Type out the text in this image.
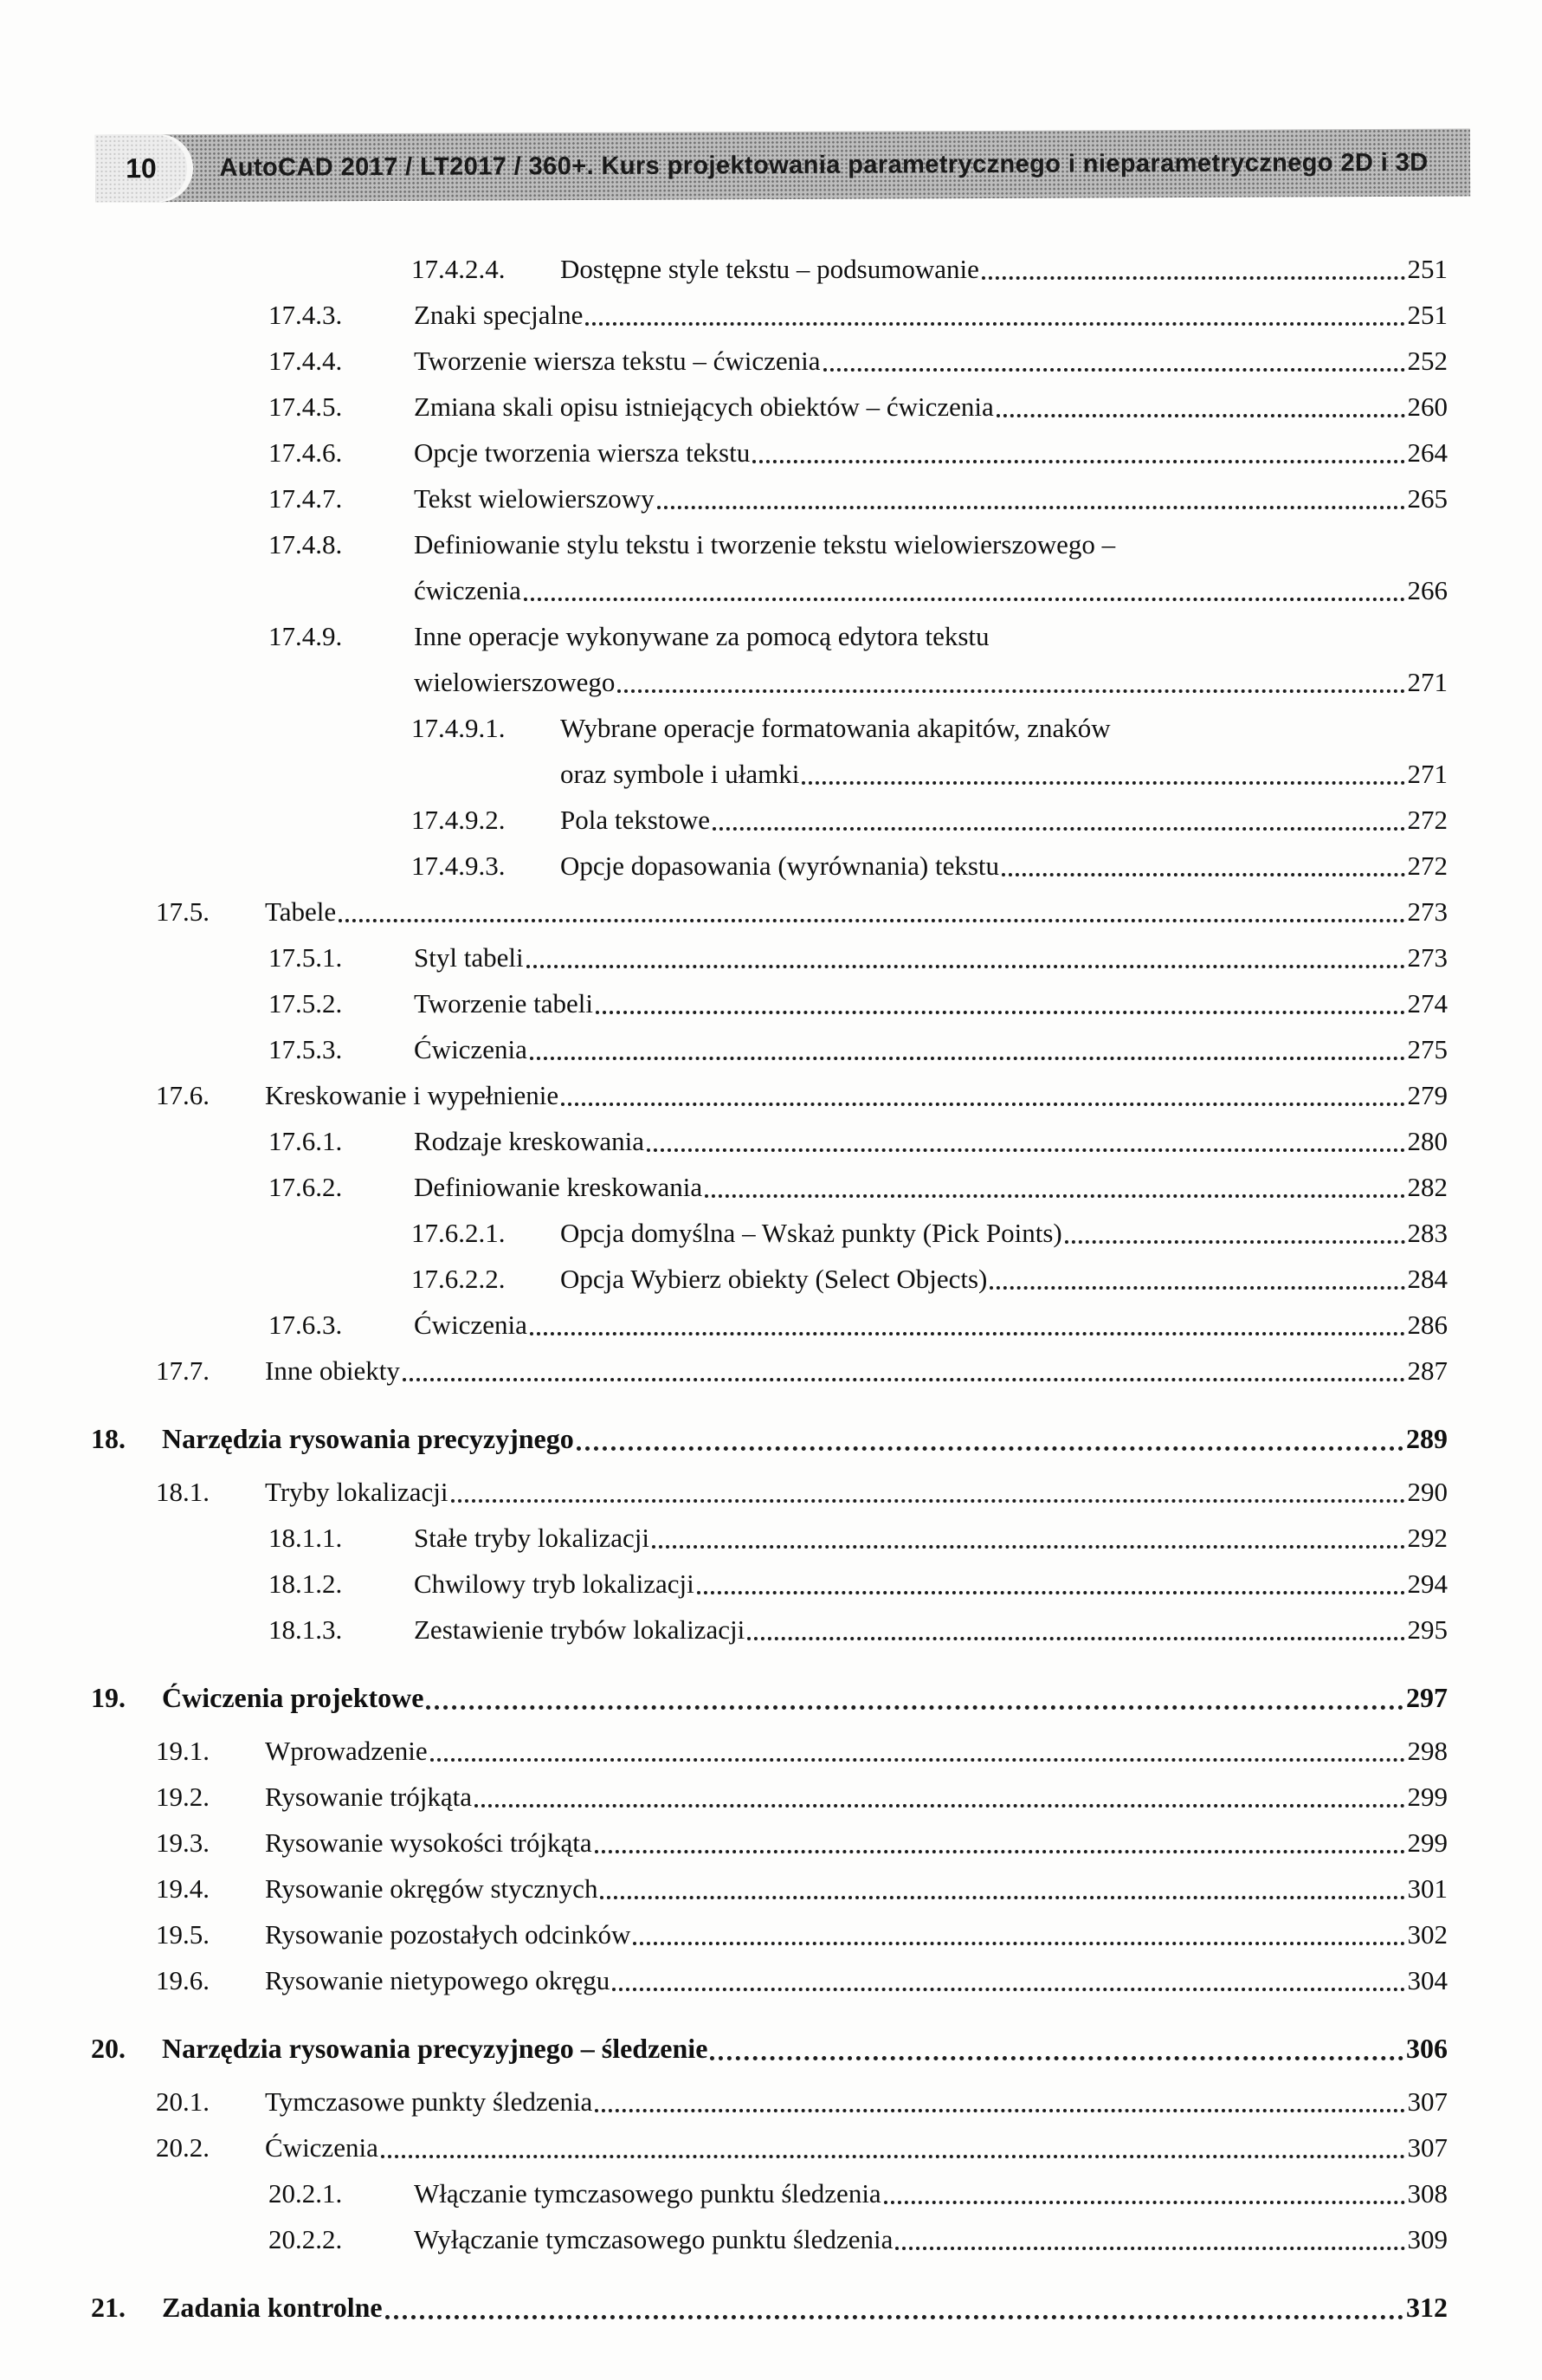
10	AutoCAD 2017 / LT2017 / 360+. Kurs projektowania parametrycznego i nieparametrycznego 2D i 3D
17.4.2.4.	Dostępne style tekstu – podsumowanie	251
17.4.3.	Znaki specjalne	251
17.4.4.	Tworzenie wiersza tekstu – ćwiczenia	252
17.4.5.	Zmiana skali opisu istniejących obiektów – ćwiczenia	260
17.4.6.	Opcje tworzenia wiersza tekstu	264
17.4.7.	Tekst wielowierszowy	265
17.4.8.	Definiowanie stylu tekstu i tworzenie tekstu wielowierszowego –
ćwiczenia	266
17.4.9.	Inne operacje wykonywane za pomocą edytora tekstu
wielowierszowego	271
17.4.9.1.	Wybrane operacje formatowania akapitów, znaków
oraz symbole i ułamki	271
17.4.9.2.	Pola tekstowe	272
17.4.9.3.	Opcje dopasowania (wyrównania) tekstu	272
17.5.	Tabele	273
17.5.1.	Styl tabeli	273
17.5.2.	Tworzenie tabeli	274
17.5.3.	Ćwiczenia	275
17.6.	Kreskowanie i wypełnienie	279
17.6.1.	Rodzaje kreskowania	280
17.6.2.	Definiowanie kreskowania	282
17.6.2.1.	Opcja domyślna – Wskaż punkty (Pick Points)	283
17.6.2.2.	Opcja Wybierz obiekty (Select Objects)	284
17.6.3.	Ćwiczenia	286
17.7.	Inne obiekty	287
18.	Narzędzia rysowania precyzyjnego	289
18.1.	Tryby lokalizacji	290
18.1.1.	Stałe tryby lokalizacji	292
18.1.2.	Chwilowy tryb lokalizacji	294
18.1.3.	Zestawienie trybów lokalizacji	295
19.	Ćwiczenia projektowe	297
19.1.	Wprowadzenie	298
19.2.	Rysowanie trójkąta	299
19.3.	Rysowanie wysokości trójkąta	299
19.4.	Rysowanie okręgów stycznych	301
19.5.	Rysowanie pozostałych odcinków	302
19.6.	Rysowanie nietypowego okręgu	304
20.	Narzędzia rysowania precyzyjnego – śledzenie	306
20.1.	Tymczasowe punkty śledzenia	307
20.2.	Ćwiczenia	307
20.2.1.	Włączanie tymczasowego punktu śledzenia	308
20.2.2.	Wyłączanie tymczasowego punktu śledzenia	309
21.	Zadania kontrolne	312
